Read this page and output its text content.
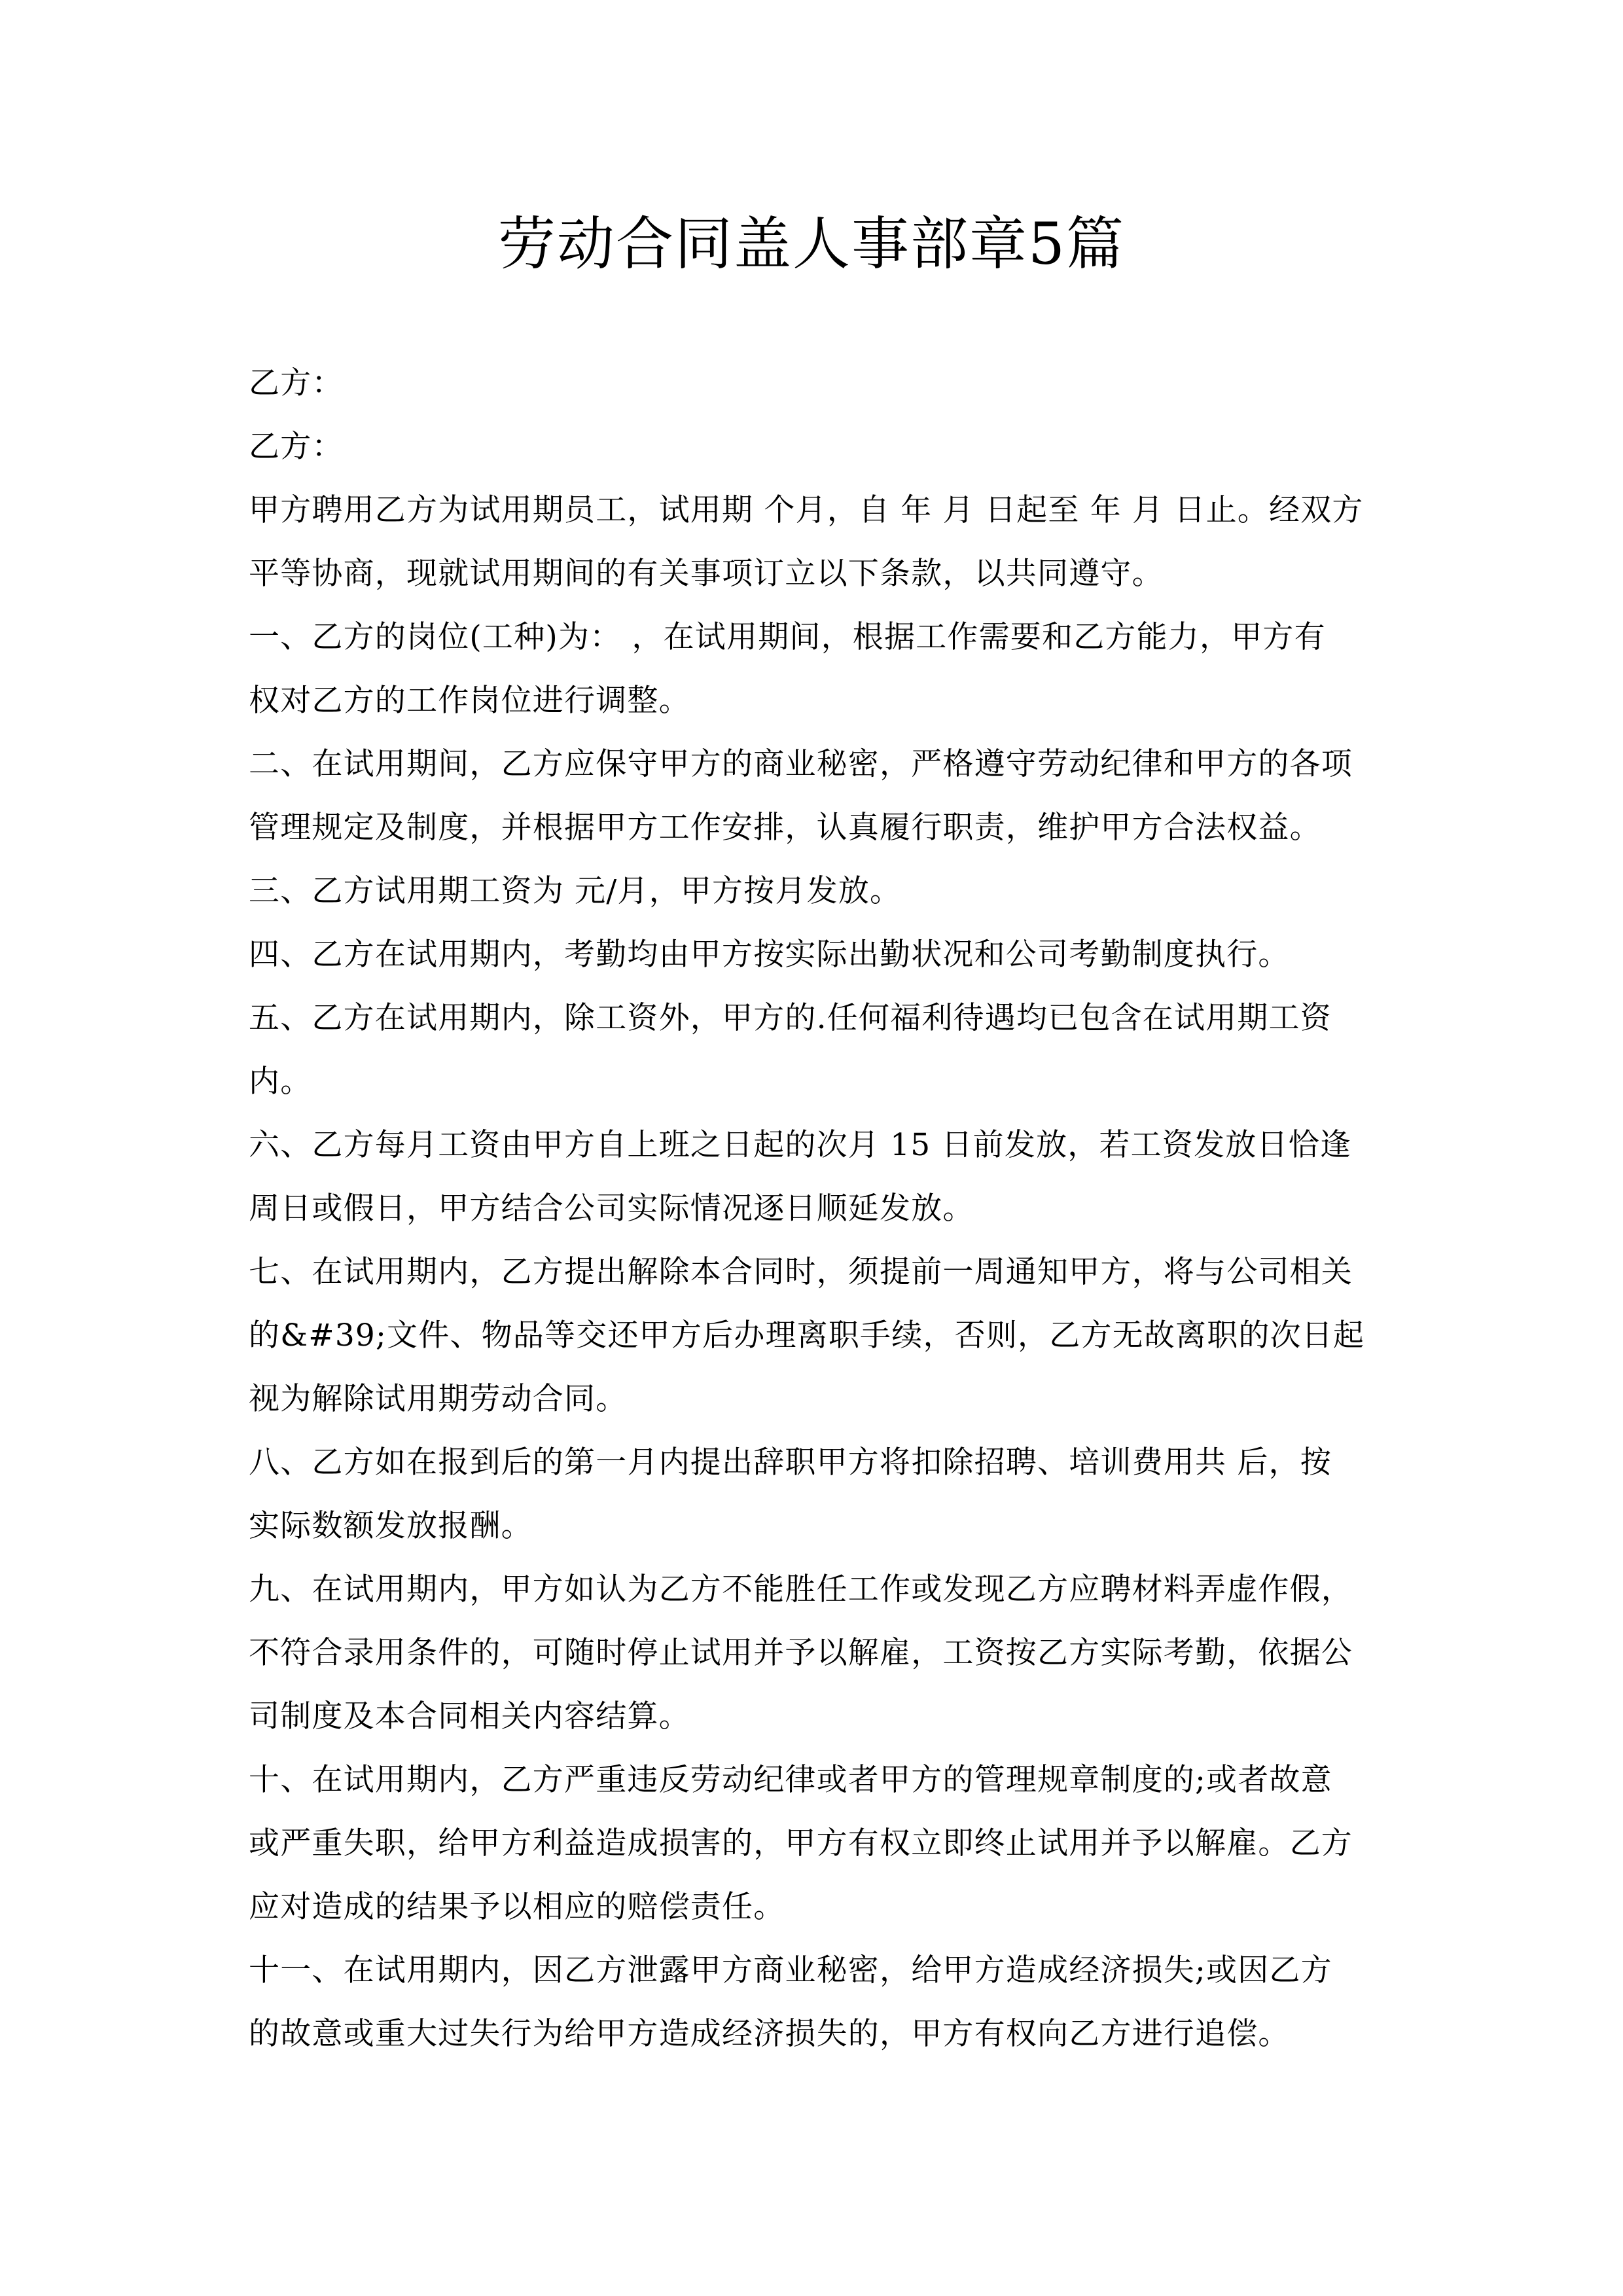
劳动合同盖人事部章5篇
乙方：
乙方：
甲方聘用乙方为试用期员工，试用期 个月，自 年 月 日起至 年 月 日止。经双方
平等协商，现就试用期间的有关事项订立以下条款，以共同遵守。
一、乙方的岗位(工种)为： ，在试用期间，根据工作需要和乙方能力，甲方有
权对乙方的工作岗位进行调整。
二、在试用期间，乙方应保守甲方的商业秘密，严格遵守劳动纪律和甲方的各项
管理规定及制度，并根据甲方工作安排，认真履行职责，维护甲方合法权益。
三、乙方试用期工资为 元/月，甲方按月发放。
四、乙方在试用期内，考勤均由甲方按实际出勤状况和公司考勤制度执行。
五、乙方在试用期内，除工资外，甲方的.任何福利待遇均已包含在试用期工资
内。
六、乙方每月工资由甲方自上班之日起的次月 15 日前发放，若工资发放日恰逢
周日或假日，甲方结合公司实际情况逐日顺延发放。
七、在试用期内，乙方提出解除本合同时，须提前一周通知甲方，将与公司相关
的&#39;文件、物品等交还甲方后办理离职手续，否则，乙方无故离职的次日起
视为解除试用期劳动合同。
八、乙方如在报到后的第一月内提出辞职甲方将扣除招聘、培训费用共 后，按
实际数额发放报酬。
九、在试用期内，甲方如认为乙方不能胜任工作或发现乙方应聘材料弄虚作假，
不符合录用条件的，可随时停止试用并予以解雇，工资按乙方实际考勤，依据公
司制度及本合同相关内容结算。
十、在试用期内，乙方严重违反劳动纪律或者甲方的管理规章制度的;或者故意
或严重失职，给甲方利益造成损害的，甲方有权立即终止试用并予以解雇。乙方
应对造成的结果予以相应的赔偿责任。
十一、在试用期内，因乙方泄露甲方商业秘密，给甲方造成经济损失;或因乙方
的故意或重大过失行为给甲方造成经济损失的，甲方有权向乙方进行追偿。
